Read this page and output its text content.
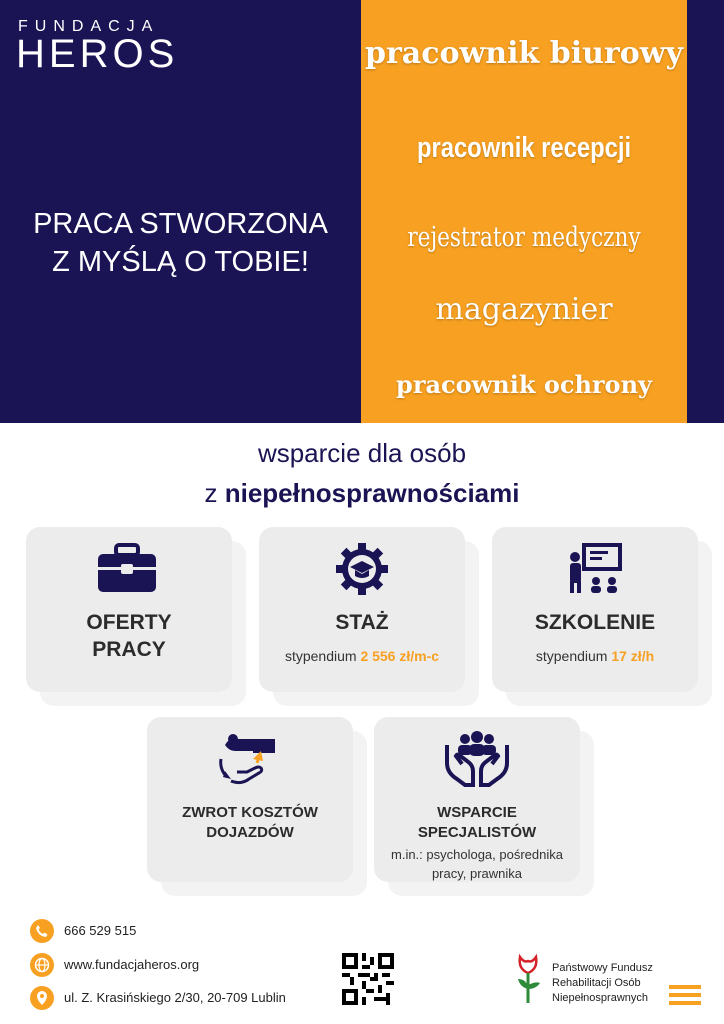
FUNDACJA
HEROS
PRACA STWORZONA
Z MYŚLĄ O TOBIE!
pracownik biurowy
pracownik recepcji
rejestrator medyczny
magazynier
pracownik ochrony
wsparcie dla osób
z niepełnosprawnościami
OFERTY
PRACY
STAŻ
stypendium 2 556 zł/m-c
SZKOLENIE
stypendium 17 zł/h
ZWROT KOSZTÓW
DOJAZDÓW
WSPARCIE
SPECJALISTÓW
m.in.: psychologa, pośrednika
pracy, prawnika
666 529 515
www.fundacjaheros.org
ul. Z. Krasińskiego 2/30, 20-709 Lublin
Państwowy Fundusz
Rehabilitacji Osób
Niepełnosprawnych
